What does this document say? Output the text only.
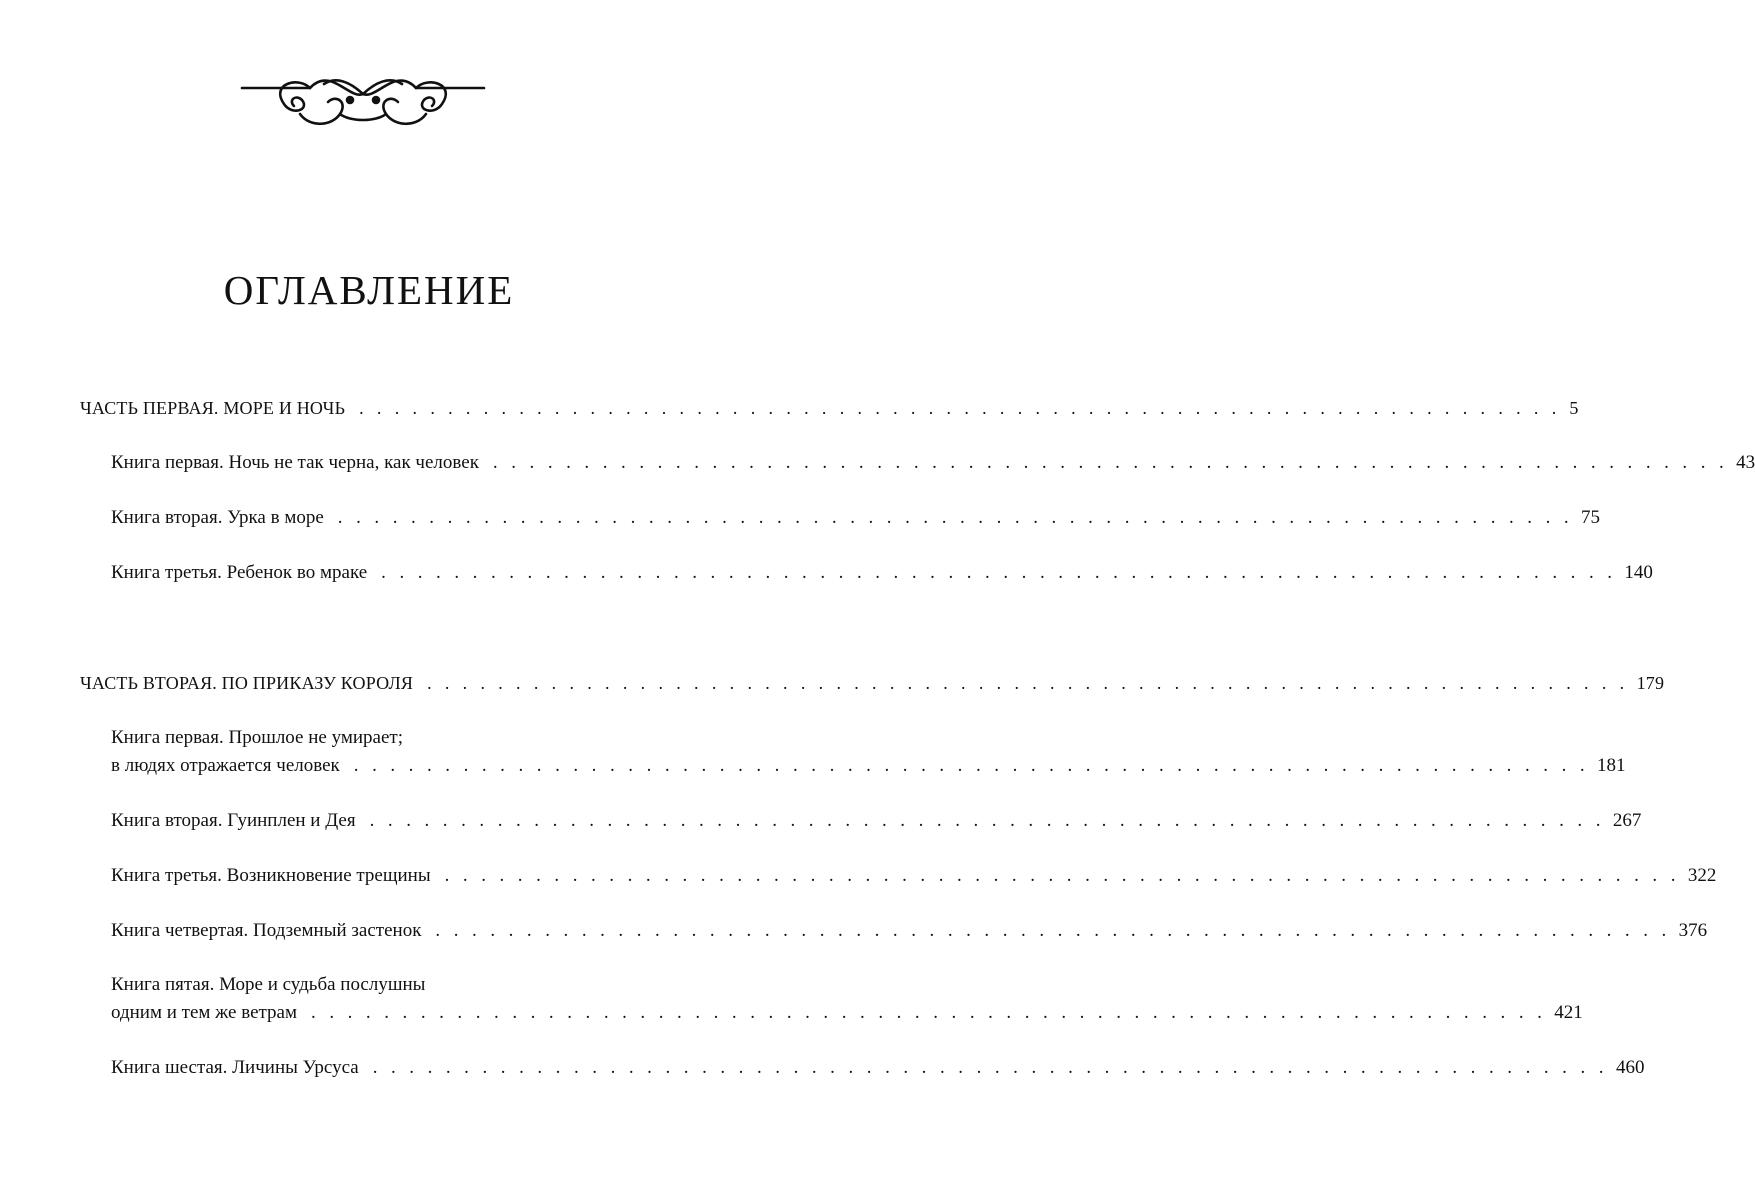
ОГЛАВЛЕНИЕ
ЧАСТЬ ПЕРВАЯ. МОРЕ И НОЧЬ . . . . . . . . . . . . . . . . . . . . . . . . . . . . . . . . . . . . . . . . . . . . . . . . . . . . . . . . . . . . . . . . . . . . 5
Книга первая. Ночь не так черна, как человек . . . . . . . . . . . . . . . . . . . . . . . . . . . . . . . . . . . . . . . . . . . . . . . . . . . . . . . . . . . . . . . . . . . . 43
Книга вторая. Урка в море . . . . . . . . . . . . . . . . . . . . . . . . . . . . . . . . . . . . . . . . . . . . . . . . . . . . . . . . . . . . . . . . . . . . 75
Книга третья. Ребенок во мраке . . . . . . . . . . . . . . . . . . . . . . . . . . . . . . . . . . . . . . . . . . . . . . . . . . . . . . . . . . . . . . . . . . . . 140
ЧАСТЬ ВТОРАЯ. ПО ПРИКАЗУ КОРОЛЯ . . . . . . . . . . . . . . . . . . . . . . . . . . . . . . . . . . . . . . . . . . . . . . . . . . . . . . . . . . . . . . . . . . . . 179
Книга первая. Прошлое не умирает;
в людях отражается человек . . . . . . . . . . . . . . . . . . . . . . . . . . . . . . . . . . . . . . . . . . . . . . . . . . . . . . . . . . . . . . . . . . . . 181
Книга вторая. Гуинплен и Дея . . . . . . . . . . . . . . . . . . . . . . . . . . . . . . . . . . . . . . . . . . . . . . . . . . . . . . . . . . . . . . . . . . . . 267
Книга третья. Возникновение трещины . . . . . . . . . . . . . . . . . . . . . . . . . . . . . . . . . . . . . . . . . . . . . . . . . . . . . . . . . . . . . . . . . . . . 322
Книга четвертая. Подземный застенок . . . . . . . . . . . . . . . . . . . . . . . . . . . . . . . . . . . . . . . . . . . . . . . . . . . . . . . . . . . . . . . . . . . . 376
Книга пятая. Море и судьба послушны
одним и тем же ветрам . . . . . . . . . . . . . . . . . . . . . . . . . . . . . . . . . . . . . . . . . . . . . . . . . . . . . . . . . . . . . . . . . . . . 421
Книга шестая. Личины Урсуса . . . . . . . . . . . . . . . . . . . . . . . . . . . . . . . . . . . . . . . . . . . . . . . . . . . . . . . . . . . . . . . . . . . . 460
